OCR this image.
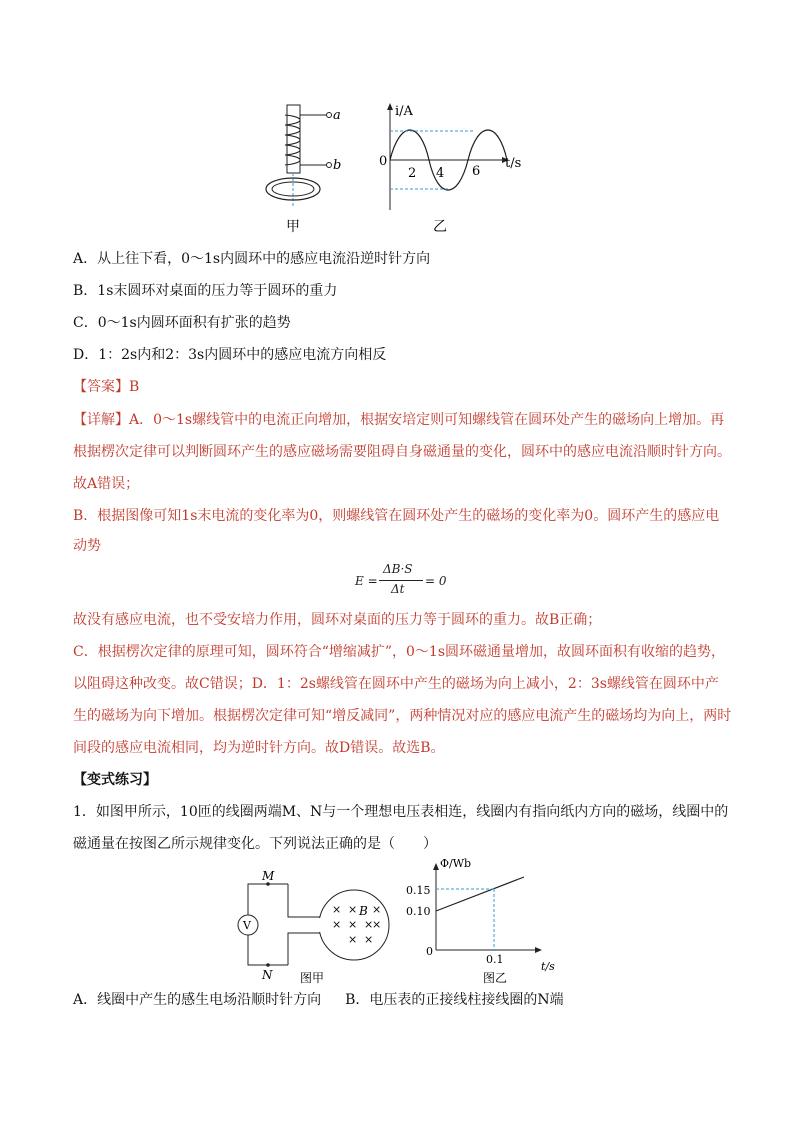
a
b
甲
i/A
t/s
0
2 4 6
乙
A．从上往下看，0～1s内圆环中的感应电流沿逆时针方向
B．1s末圆环对桌面的压力等于圆环的重力
C．0～1s内圆环面积有扩张的趋势
D．1：2s内和2：3s内圆环中的感应电流方向相反
【答案】B
【详解】A．0～1s螺线管中的电流正向增加，根据安培定则可知螺线管在圆环处产生的磁场向上增加。再
根据楞次定律可以判断圆环产生的感应磁场需要阻碍自身磁通量的变化，圆环中的感应电流沿顺时针方向。
故A错误；
B．根据图像可知1s末电流的变化率为0，则螺线管在圆环处产生的磁场的变化率为0。圆环产生的感应电
动势
E =
ΔB·S
Δt
= 0
故没有感应电流，也不受安培力作用，圆环对桌面的压力等于圆环的重力。故B正确；
C．根据楞次定律的原理可知，圆环符合“增缩减扩”，0～1s圆环磁通量增加，故圆环面积有收缩的趋势，
以阻碍这种改变。故C错误；D．1：2s螺线管在圆环中产生的磁场为向上减小，2：3s螺线管在圆环中产
生的磁场为向下增加。根据楞次定律可知“增反减同”，两种情况对应的感应电流产生的磁场均为向上，两时
间段的感应电流相同，均为逆时针方向。故D错误。故选B。
【变式练习】
1．如图甲所示，10匝的线圈两端M、N与一个理想电压表相连，线圈内有指向纸内方向的磁场，线圈中的
磁通量在按图乙所示规律变化。下列说法正确的是（　　）
M
N
V
B
× × ×
× × ×
×
× ×
图甲
Φ/Wb
t/s
0.15
0.10
0
0.1
图乙
A．线圈中产生的感生电场沿顺时针方向 B．电压表的正接线柱接线圈的N端
